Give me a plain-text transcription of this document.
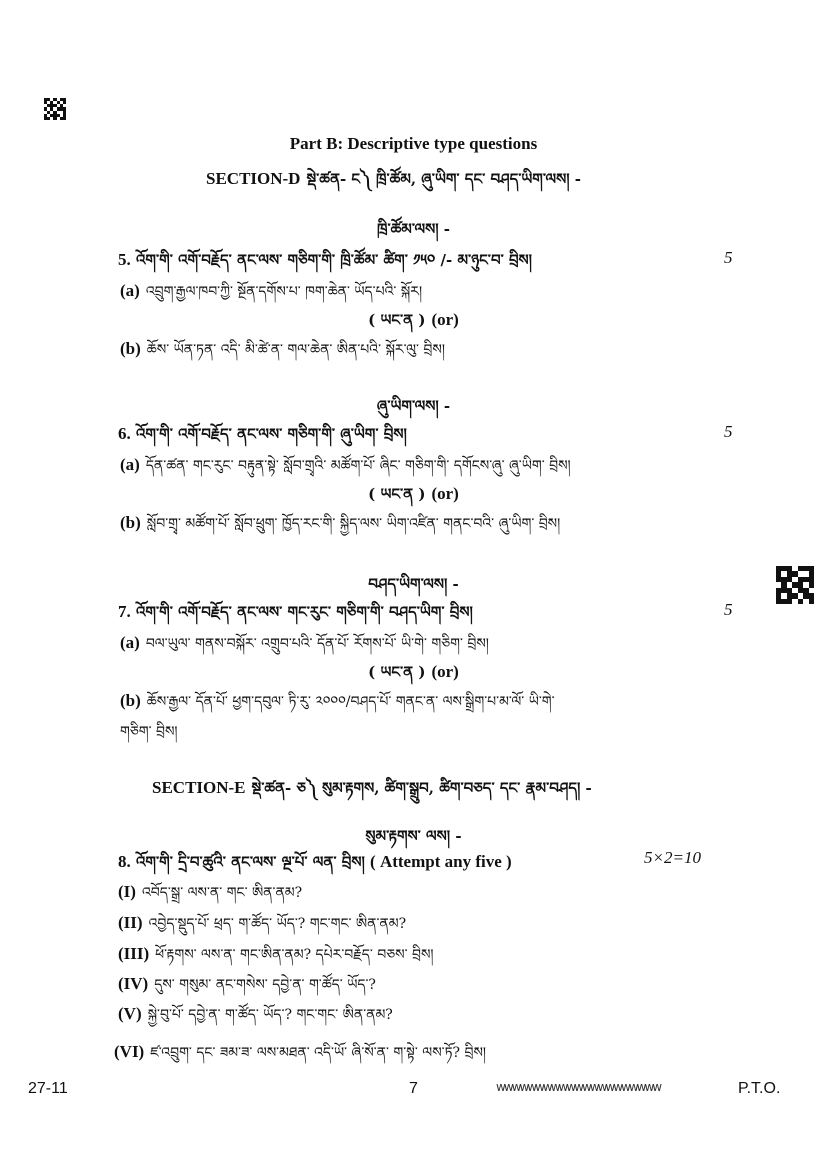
Part B: Descriptive type questions
SECTION-D སྡེ་ཚན- ང༽ ཁྲི་ཚོམ, ཞུ་ཡིག་ དང་ བཤད་ཡིག་ལས། -
ཁྲི་ཚོམ་ལས། -
5. འོག་གི་ འགོ་བརྗོད་ ནང་ལས་ གཅིག་གི་ ཁྲི་ཚོམ་ ཚིག་ ༡༥༠ /- མ་ཉུང་བ་ བྲིས།	5
(a) འབྲུག་རྒྱལ་ཁབ་ཀྱི་ སྔོན་དགོས་པ་ ཁག་ཆེན་ ཡོད་པའི་ སྐོར།
( ཡང་ན ) (or)
(b) ཆོས་ ཡོན་ཏན་ འདི་ མི་ཚེ་ན་ གལ་ཆེན་ ཨིན་པའི་ སྐོར་ལུ་ བྲིས།
ཞུ་ཡིག་ལས། -
6. འོག་གི་ འགོ་བརྗོད་ ནང་ལས་ གཅིག་གི་ ཞུ་ཡིག་ བྲིས།	5
(a) དོན་ཚན་ གང་རུང་ བརྟུན་སྟེ་ སློབ་གྲྭའི་ མཚོག་པོ་ ཞིང་ གཅིག་གི་ དགོངས་ཞུ་ ཞུ་ཡིག་ བྲིས།
( ཡང་ན ) (or)
(b) སློབ་གྲྭ་ མཚོག་པོ་ སློབ་ཕྲུག་ ཁྱོད་རང་གི་ སྐྱིད་ལས་ ཡིག་འཛིན་ གནང་བའི་ ཞུ་ཡིག་ བྲིས།
བཤད་ཡིག་ལས། -
7. འོག་གི་ འགོ་བརྗོད་ ནང་ལས་ གང་རུང་ གཅིག་གི་ བཤད་ཡིག་ བྲིས།	5
(a) བལ་ཡུལ་ གནས་བསྐོར་ འགྲུབ་པའི་ དོན་པོ་ རོགས་པོ་ ཡི་གེ་ གཅིག་ བྲིས།
( ཡང་ན ) (or)
(b) ཆོས་རྒྱལ་ དོན་པོ་ ཕྱག་དབུལ་ ཏི་རུ་ ༢༠༠༠/བཤད་པོ་ གནང་ན་ ལས་སྒྲིག་པ་མ་ལོ་ ཡི་གེ་
གཅིག་ བྲིས།
SECTION-E སྡེ་ཚན- ཅ༽ སུམ་རྟགས, ཚིག་སྒྲུབ, ཚིག་བཅད་ དང་ རྣམ་བཤད། -
སུམ་རྟགས་ ལས། -
8. འོག་གི་ དྲི་བ་ཚུའི་ ནང་ལས་ ལྔ་པོ་ ལན་ བྲིས། ( Attempt any five )	5×2=10
(I) འབོད་སྒྲ་ ལས་ན་ གང་ ཨིན་ནམ?
(II) འབྱེད་སྡུད་པོ་ ཕྲད་ ག་ཚོད་ ཡོད་? གང་གང་ ཨིན་ནམ?
(III) ཕོ་རྟགས་ ལས་ན་ གང་ཨིན་ནམ? དཔེར་བརྗོད་ བཅས་ བྲིས།
(IV) དུས་ གསུམ་ ནང་གསེས་ དབྱེ་ན་ ག་ཚོད་ ཡོད་?
(V) སྐྱེ་བུ་པོ་ དབྱེ་ན་ ག་ཚོད་ ཡོད་? གང་གང་ ཨིན་ནམ?
(VI) ཛ་འབྲུག་ དང་ ཟམ་ཟ་ ལས་མཐན་ འདི་ཡོ་ ཞི་སོ་ན་ ག་སྟེ་ ལས་ཏོ? བྲིས།
27-11	7	wwwwwwwwwwwwwwwwwwwww	P.T.O.
